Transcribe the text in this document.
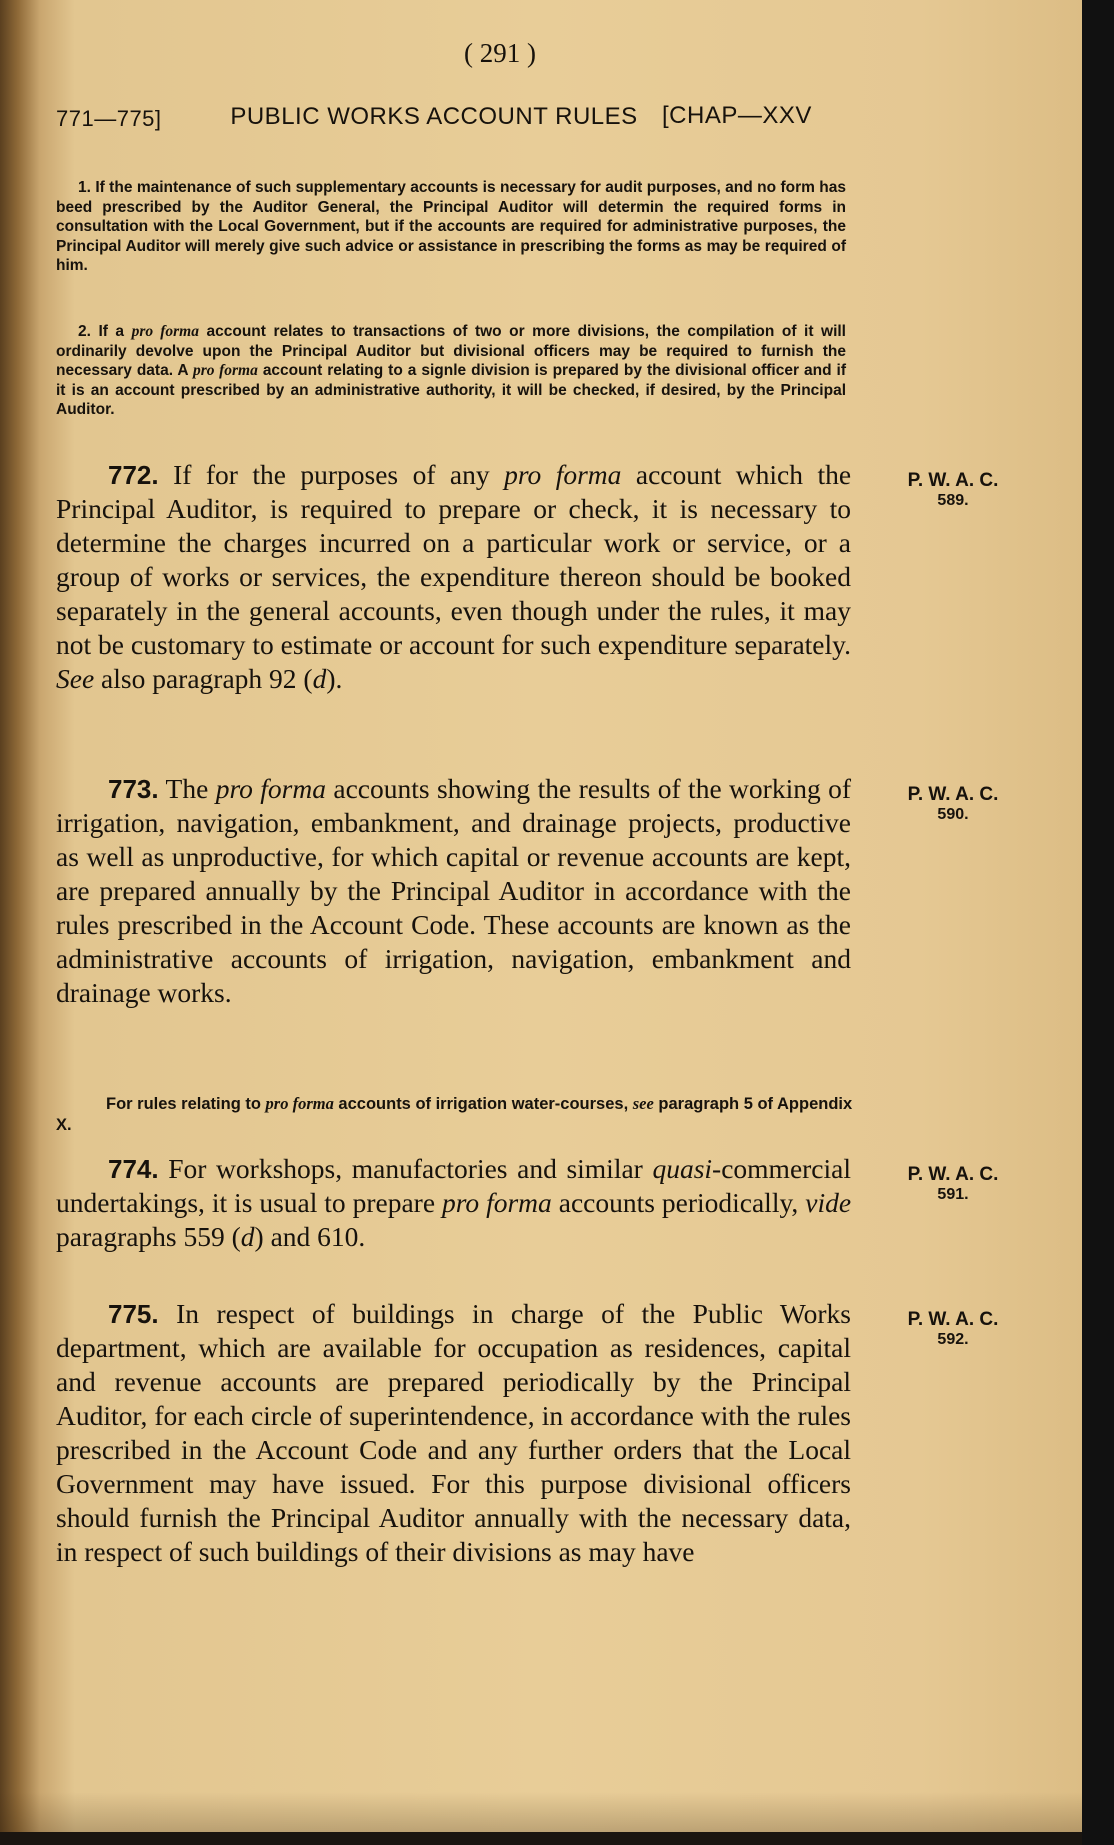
( 291 )
771—775]	PUBLIC WORKS ACCOUNT RULES [CHAP—XXV

1. If the maintenance of such supplementary accounts is necessary for audit purposes, and no form has beed prescribed by the Auditor General, the Principal Auditor will determin the required forms in consultation with the Local Government, but if the accounts are required for administrative purposes, the Principal Auditor will merely give such advice or assistance in prescribing the forms as may be required of him.

2. If a pro forma account relates to transactions of two or more divisions, the compilation of it will ordinarily devolve upon the Principal Auditor but divisional officers may be required to furnish the necessary data. A pro forma account relating to a signle division is prepared by the divisional officer and if it is an account prescribed by an administrative authority, it will be checked, if desired, by the Principal Auditor.

772. If for the purposes of any pro forma account which the Principal Auditor, is required to prepare or check, it is necessary to determine the charges incurred on a particular work or service, or a group of works or services, the expenditure thereon should be booked separately in the general accounts, even though under the rules, it may not be customary to estimate or account for such expenditure separately. See also paragraph 92 (d).
P. W. A. C.
589.
773. The pro forma accounts showing the results of the working of irrigation, navigation, embankment, and drainage projects, productive as well as unproductive, for which capital or revenue accounts are kept, are prepared annually by the Principal Auditor in accordance with the rules prescribed in the Account Code. These accounts are known as the administrative accounts of irrigation, navigation, embankment and drainage works.
P. W. A. C.
590.
For rules relating to pro forma accounts of irrigation water-courses, see paragraph 5 of Appendix X.
774. For workshops, manufactories and similar quasi-commercial undertakings, it is usual to prepare pro forma accounts periodically, vide paragraphs 559 (d) and 610.
P. W. A. C.
591.
775. In respect of buildings in charge of the Public Works department, which are available for occupation as residences, capital and revenue accounts are prepared periodically by the Principal Auditor, for each circle of superintendence, in accordance with the rules prescribed in the Account Code and any further orders that the Local Government may have issued. For this purpose divisional officers should furnish the Principal Auditor annually with the necessary data, in respect of such buildings of their divisions as may have
P. W. A. C.
592.
